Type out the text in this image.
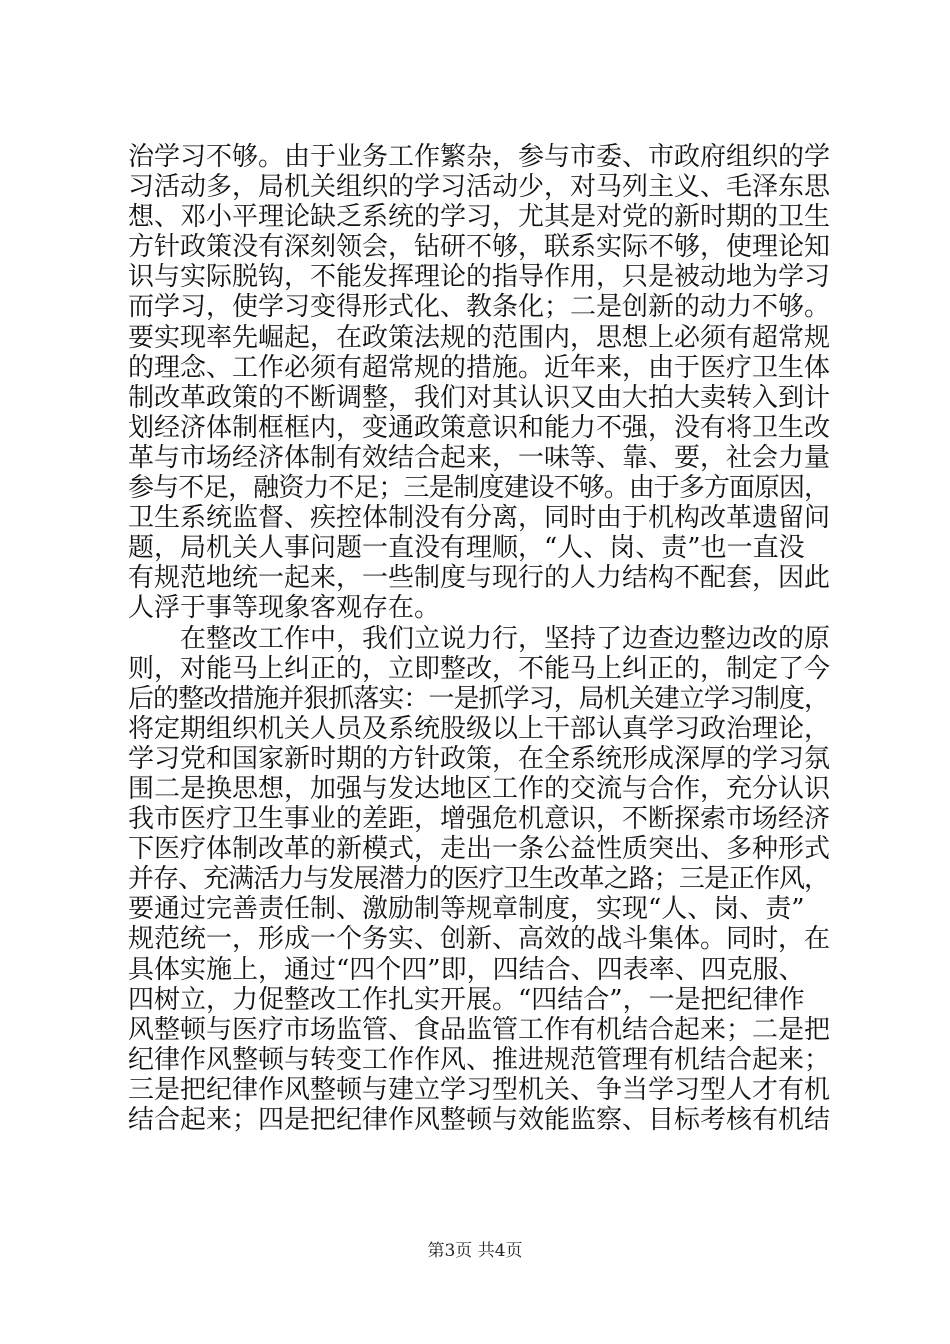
治学习不够。由于业务工作繁杂，参与市委、市政府组织的学
习活动多，局机关组织的学习活动少，对马列主义、毛泽东思
想、邓小平理论缺乏系统的学习，尤其是对党的新时期的卫生
方针政策没有深刻领会，钻研不够，联系实际不够，使理论知
识与实际脱钩，不能发挥理论的指导作用，只是被动地为学习
而学习，使学习变得形式化、教条化；二是创新的动力不够。
要实现率先崛起，在政策法规的范围内，思想上必须有超常规
的理念、工作必须有超常规的措施。近年来，由于医疗卫生体
制改革政策的不断调整，我们对其认识又由大拍大卖转入到计
划经济体制框框内，变通政策意识和能力不强，没有将卫生改
革与市场经济体制有效结合起来，一味等、靠、要，社会力量
参与不足，融资力不足；三是制度建设不够。由于多方面原因，
卫生系统监督、疾控体制没有分离，同时由于机构改革遗留问
题，局机关人事问题一直没有理顺，“人、岗、责”也一直没
有规范地统一起来，一些制度与现行的人力结构不配套，因此
人浮于事等现象客观存在。
　　在整改工作中，我们立说力行，坚持了边查边整边改的原
则，对能马上纠正的，立即整改，不能马上纠正的，制定了今
后的整改措施并狠抓落实：一是抓学习，局机关建立学习制度，
将定期组织机关人员及系统股级以上干部认真学习政治理论，
学习党和国家新时期的方针政策，在全系统形成深厚的学习氛
围二是换思想，加强与发达地区工作的交流与合作，充分认识
我市医疗卫生事业的差距，增强危机意识，不断探索市场经济
下医疗体制改革的新模式，走出一条公益性质突出、多种形式
并存、充满活力与发展潜力的医疗卫生改革之路；三是正作风，
要通过完善责任制、激励制等规章制度，实现“人、岗、责”
规范统一，形成一个务实、创新、高效的战斗集体。同时，在
具体实施上，通过“四个四”即，四结合、四表率、四克服、
四树立，力促整改工作扎实开展。“四结合”，一是把纪律作
风整顿与医疗市场监管、食品监管工作有机结合起来；二是把
纪律作风整顿与转变工作作风、推进规范管理有机结合起来；
三是把纪律作风整顿与建立学习型机关、争当学习型人才有机
结合起来；四是把纪律作风整顿与效能监察、目标考核有机结
第3页 共4页
